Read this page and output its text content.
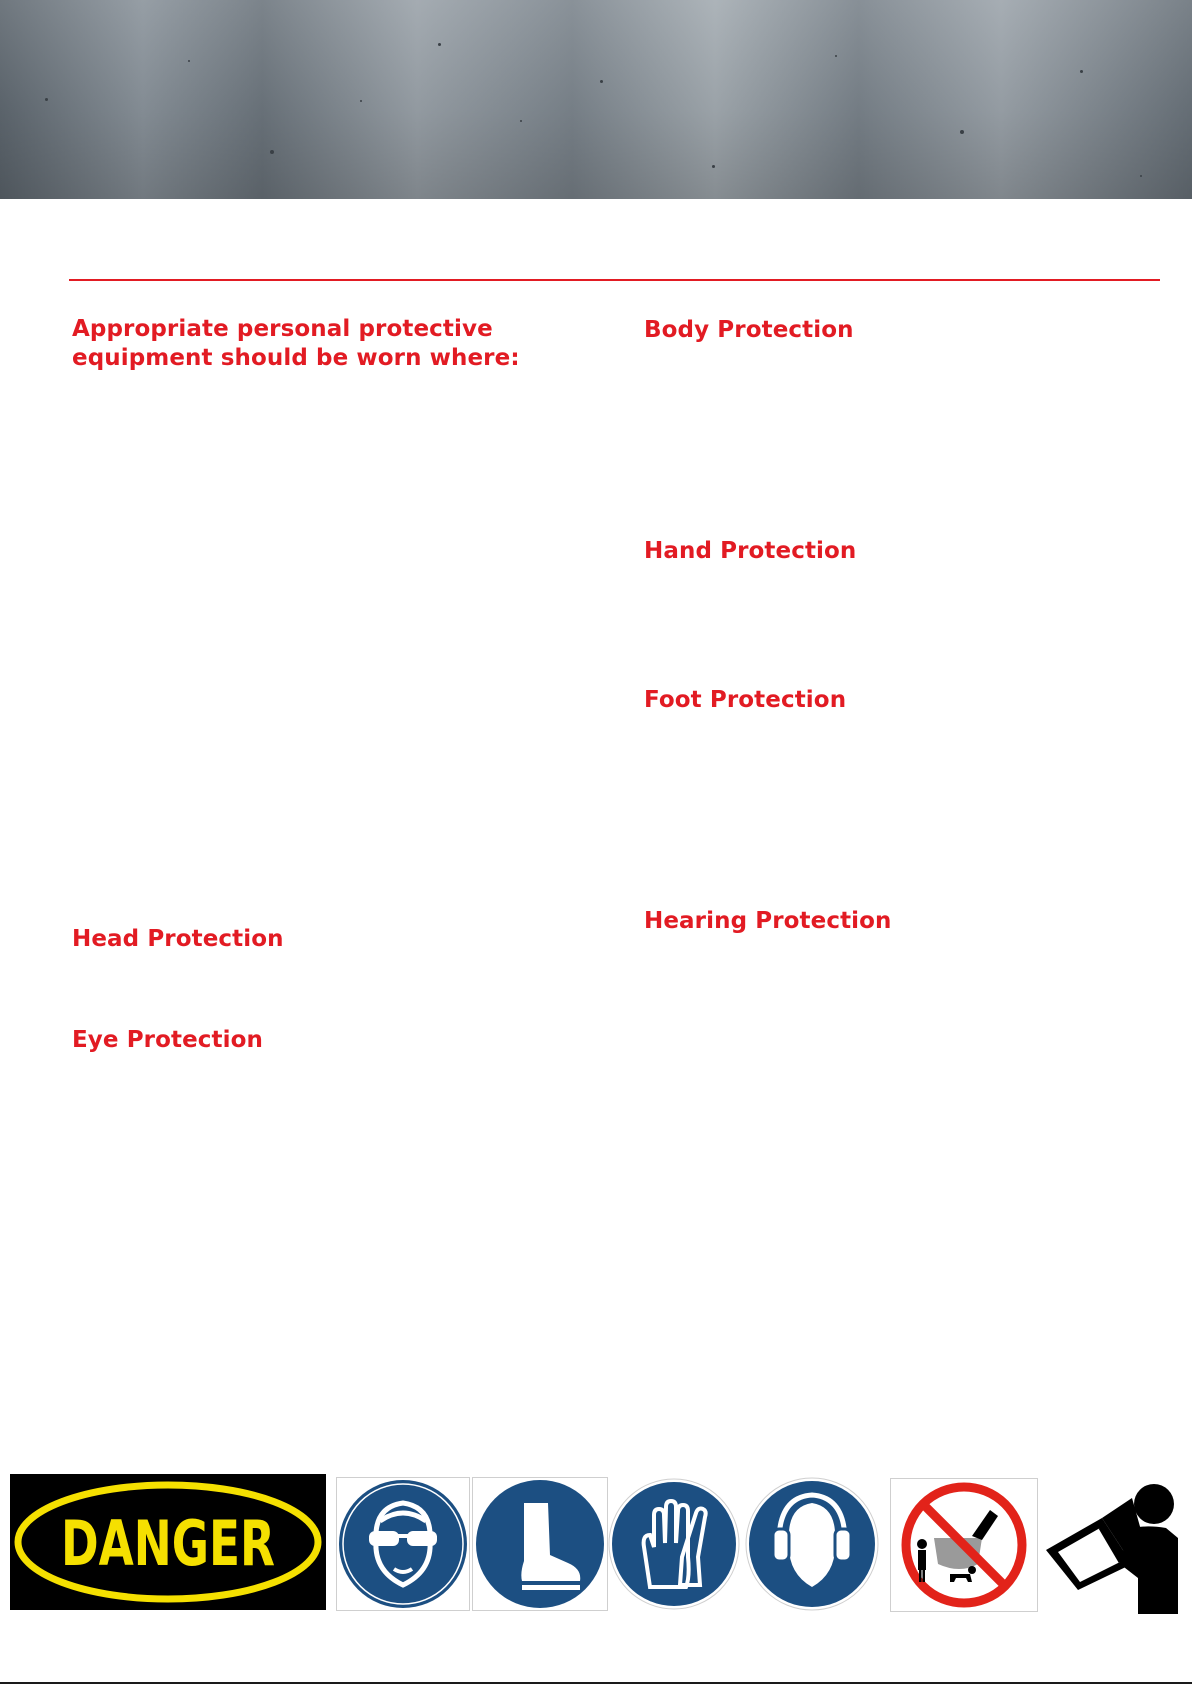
Appropriate personal protective equipment should be worn where:
Head Protection
Eye Protection
Body Protection
Hand Protection
Foot Protection
Hearing Protection
DANGER
